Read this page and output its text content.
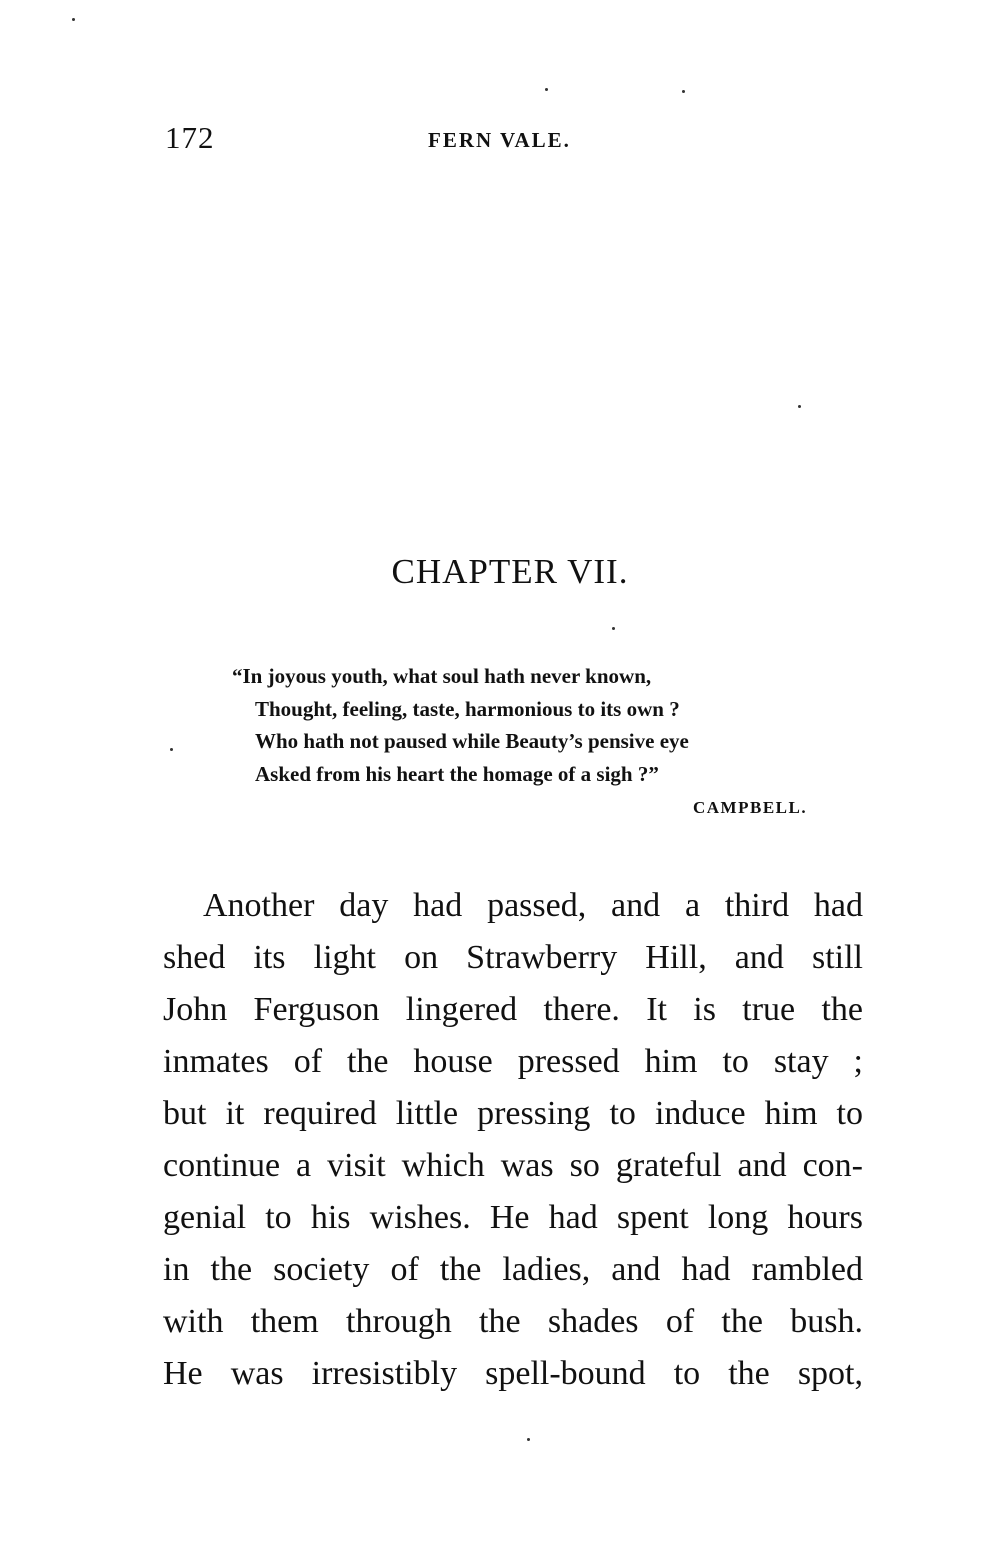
172	FERN VALE.
CHAPTER VII.
“In joyous youth, what soul hath never known,
Thought, feeling, taste, harmonious to its own ?
Who hath not paused while Beauty’s pensive eye
Asked from his heart the homage of a sigh ?”
CAMPBELL.
Another day had passed, and a third had
shed its light on Strawberry Hill, and still
John Ferguson lingered there. It is true the
inmates of the house pressed him to stay ;
but it required little pressing to induce him to
continue a visit which was so grateful and con-
genial to his wishes. He had spent long hours
in the society of the ladies, and had rambled
with them through the shades of the bush.
He was irresistibly spell-bound to the spot,
